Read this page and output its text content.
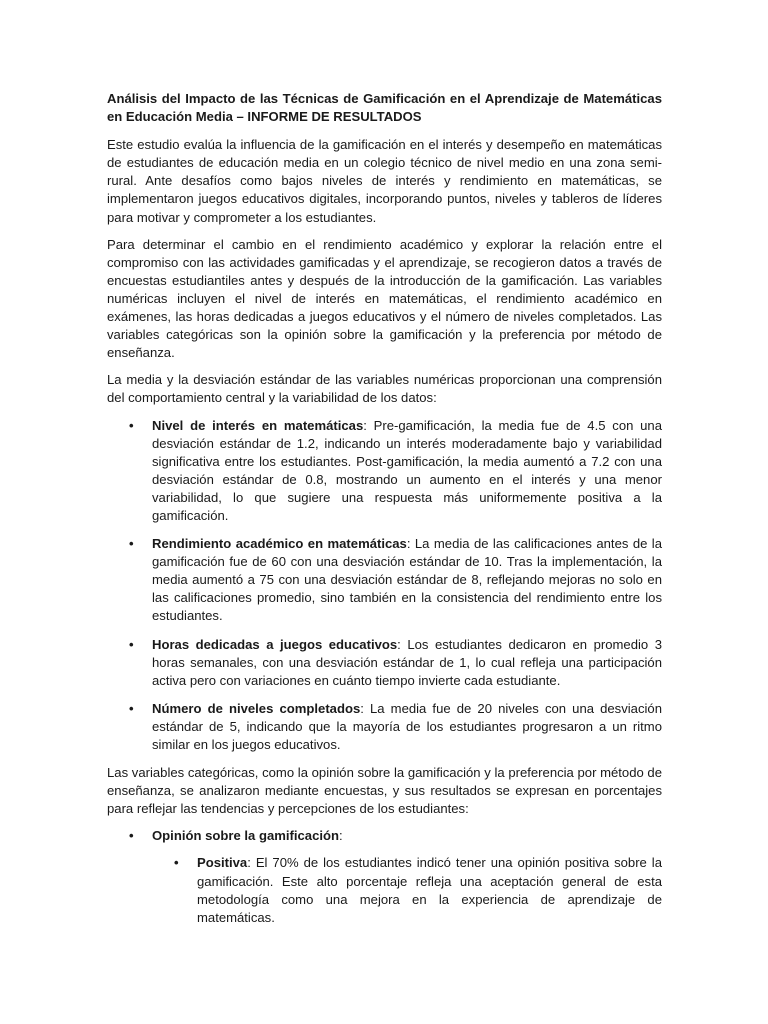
Análisis del Impacto de las Técnicas de Gamificación en el Aprendizaje de Matemáticas en Educación Media – INFORME DE RESULTADOS

Este estudio evalúa la influencia de la gamificación en el interés y desempeño en matemáticas de estudiantes de educación media en un colegio técnico de nivel medio en una zona semi-rural. Ante desafíos como bajos niveles de interés y rendimiento en matemáticas, se implementaron juegos educativos digitales, incorporando puntos, niveles y tableros de líderes para motivar y comprometer a los estudiantes.

Para determinar el cambio en el rendimiento académico y explorar la relación entre el compromiso con las actividades gamificadas y el aprendizaje, se recogieron datos a través de encuestas estudiantiles antes y después de la introducción de la gamificación. Las variables numéricas incluyen el nivel de interés en matemáticas, el rendimiento académico en exámenes, las horas dedicadas a juegos educativos y el número de niveles completados. Las variables categóricas son la opinión sobre la gamificación y la preferencia por método de enseñanza.

La media y la desviación estándar de las variables numéricas proporcionan una comprensión del comportamiento central y la variabilidad de los datos:

• Nivel de interés en matemáticas: Pre-gamificación, la media fue de 4.5 con una desviación estándar de 1.2, indicando un interés moderadamente bajo y variabilidad significativa entre los estudiantes. Post-gamificación, la media aumentó a 7.2 con una desviación estándar de 0.8, mostrando un aumento en el interés y una menor variabilidad, lo que sugiere una respuesta más uniformemente positiva a la gamificación.
• Rendimiento académico en matemáticas: La media de las calificaciones antes de la gamificación fue de 60 con una desviación estándar de 10. Tras la implementación, la media aumentó a 75 con una desviación estándar de 8, reflejando mejoras no solo en las calificaciones promedio, sino también en la consistencia del rendimiento entre los estudiantes.
• Horas dedicadas a juegos educativos: Los estudiantes dedicaron en promedio 3 horas semanales, con una desviación estándar de 1, lo cual refleja una participación activa pero con variaciones en cuánto tiempo invierte cada estudiante.
• Número de niveles completados: La media fue de 20 niveles con una desviación estándar de 5, indicando que la mayoría de los estudiantes progresaron a un ritmo similar en los juegos educativos.

Las variables categóricas, como la opinión sobre la gamificación y la preferencia por método de enseñanza, se analizaron mediante encuestas, y sus resultados se expresan en porcentajes para reflejar las tendencias y percepciones de los estudiantes:

• Opinión sobre la gamificación:
• Positiva: El 70% de los estudiantes indicó tener una opinión positiva sobre la gamificación. Este alto porcentaje refleja una aceptación general de esta metodología como una mejora en la experiencia de aprendizaje de matemáticas.
